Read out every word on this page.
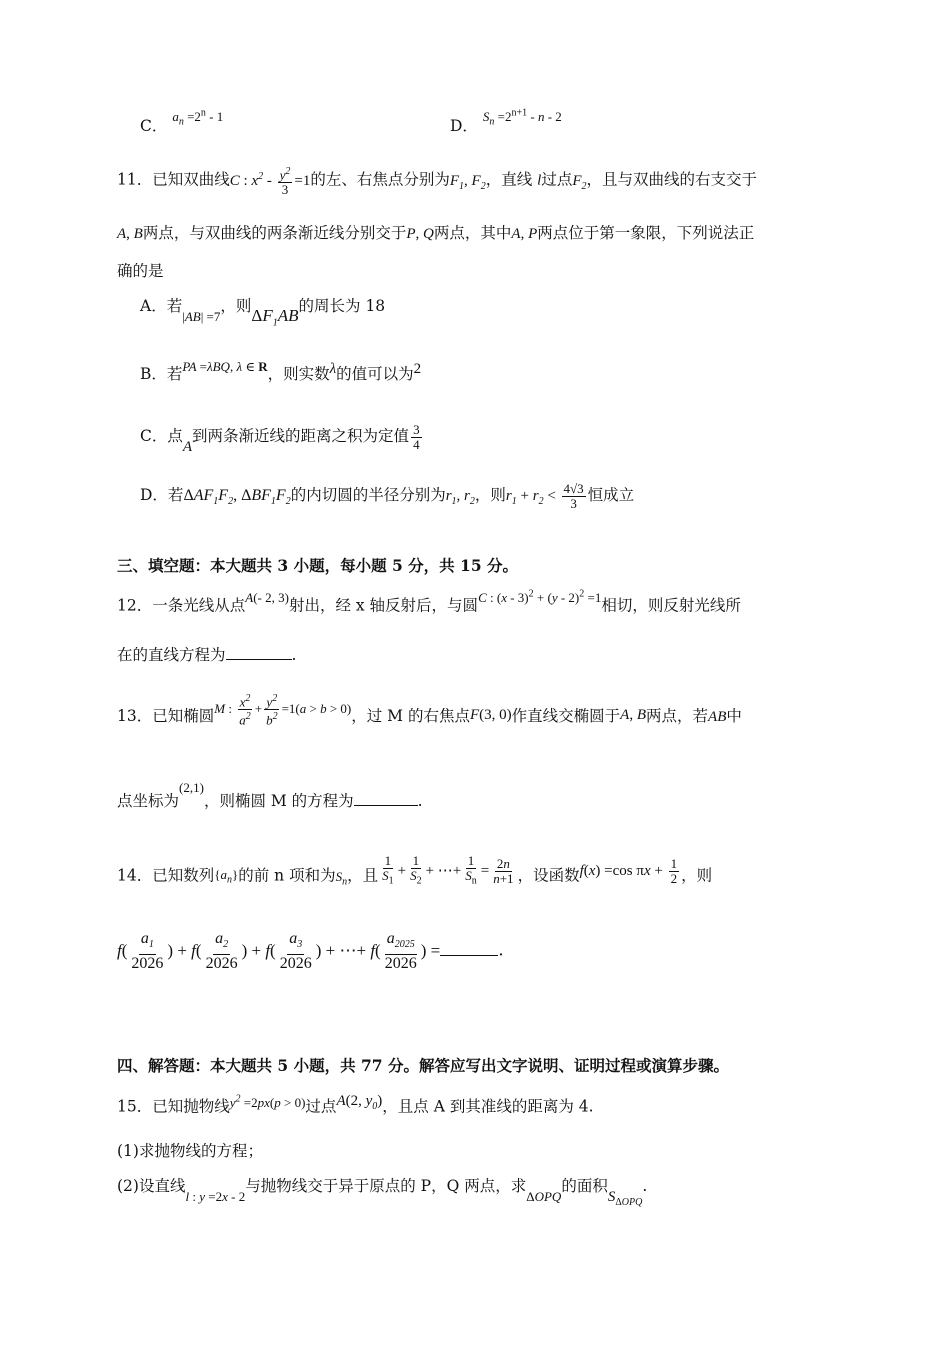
C． $a_n =2^n - 1$
D． $S_n =2^{n+1} - n - 2$
11．已知双曲线C : $x^2 - \frac{y^2}{3} =1$的左、右焦点分别为$F_1$, $F_2$，直线 l过点$F_2$，且与双曲线的右支交于
A, B两点，与双曲线的两条渐近线分别交于P, Q两点，其中A, P两点位于第一象限，下列说法正
确的是
A．若$_{|AB| =7}$，则$\Delta F_1AB$的周长为 18
B．若$^{PA =\lambda BQ, \lambda \in R}$，则实数λ的值可以为2
C．点A到两条渐近线的距离之积为定值 $\frac{3}{4}$
D．若$\Delta AF_1F_2$, $\Delta BF_1F_2$的内切圆的半径分别为$r_1$, $r_2$，则$r_1 + r_2 < \frac{4√3}{3}$ 恒成立
三、填空题：本大题共 3 小题，每小题 5 分，共 15 分。
12．一条光线从点$^{A(- 2, 3)}$射出，经 x 轴反射后，与圆$^{C : (x - 3)^2 + (y - 2)^2 =1}$相切，则反射光线所
在的直线方程为	.
13．已知椭圆$^{M : \frac{x^2}{a^2} + \frac{y^2}{b^2} =1(a > b > 0)}$，过 M 的右焦点F(3, 0)作直线交椭圆于A, B两点，若AB中
点坐标为$^{(2,1)}$，则椭圆 M 的方程为	.
14．已知数列$\{a_n\}$的前 n 项和为$S_n$，且 $\frac{1}{S_1} + \frac{1}{S_2}$ + ⋯+ $\frac{1}{S_n} = \frac{2n}{n+1}$ ，设函数f(x) =cos $\pi x + \frac{1}{2}$ ，则
$f( \frac{a_1}{2026}$ ) + $f( \frac{a_2}{2026}$ ) + $f( \frac{a_3}{2026}$ ) + ⋯+ $f( \frac{a_{2025}}{2026}$ ) =	.
四、解答题：本大题共 5 小题，共 77 分。解答应写出文字说明、证明过程或演算步骤。
15．已知抛物线$^{y^2 =2px(p > 0)}$过点A(2, $y_0$)，且点 A 到其准线的距离为 4.
(1)求抛物线的方程；
(2)设直线$_{l : y =2x - 2}$与抛物线交于异于原点的 P，Q 两点，求$_{\Delta OPQ}$的面积$S_{\Delta OPQ}$.
